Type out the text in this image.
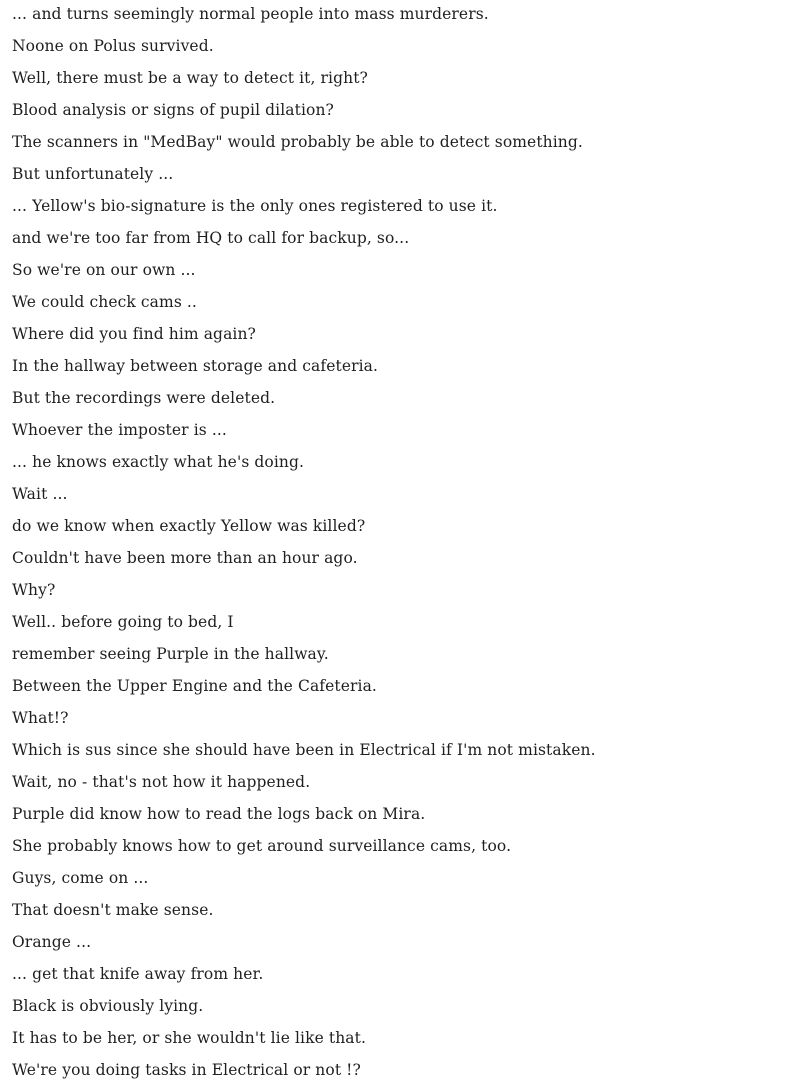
... and turns seemingly normal people into mass murderers.
Noone on Polus survived.
Well, there must be a way to detect it, right?
Blood analysis or signs of pupil dilation?
The scanners in "MedBay" would probably be able to detect something.
But unfortunately ...
... Yellow's bio-signature is the only ones registered to use it.
and we're too far from HQ to call for backup, so...
So we're on our own ...
We could check cams ..
Where did you find him again?
In the hallway between storage and cafeteria.
But the recordings were deleted.
Whoever the imposter is ...
... he knows exactly what he's doing.
Wait ...
do we know when exactly Yellow was killed?
Couldn't have been more than an hour ago.
Why?
Well.. before going to bed, I
remember seeing Purple in the hallway.
Between the Upper Engine and the Cafeteria.
What!?
Which is sus since she should have been in Electrical if I'm not mistaken.
Wait, no - that's not how it happened.
Purple did know how to read the logs back on Mira.
She probably knows how to get around surveillance cams, too.
Guys, come on ...
That doesn't make sense.
Orange ...
... get that knife away from her.
Black is obviously lying.
It has to be her, or she wouldn't lie like that.
We're you doing tasks in Electrical or not !?
